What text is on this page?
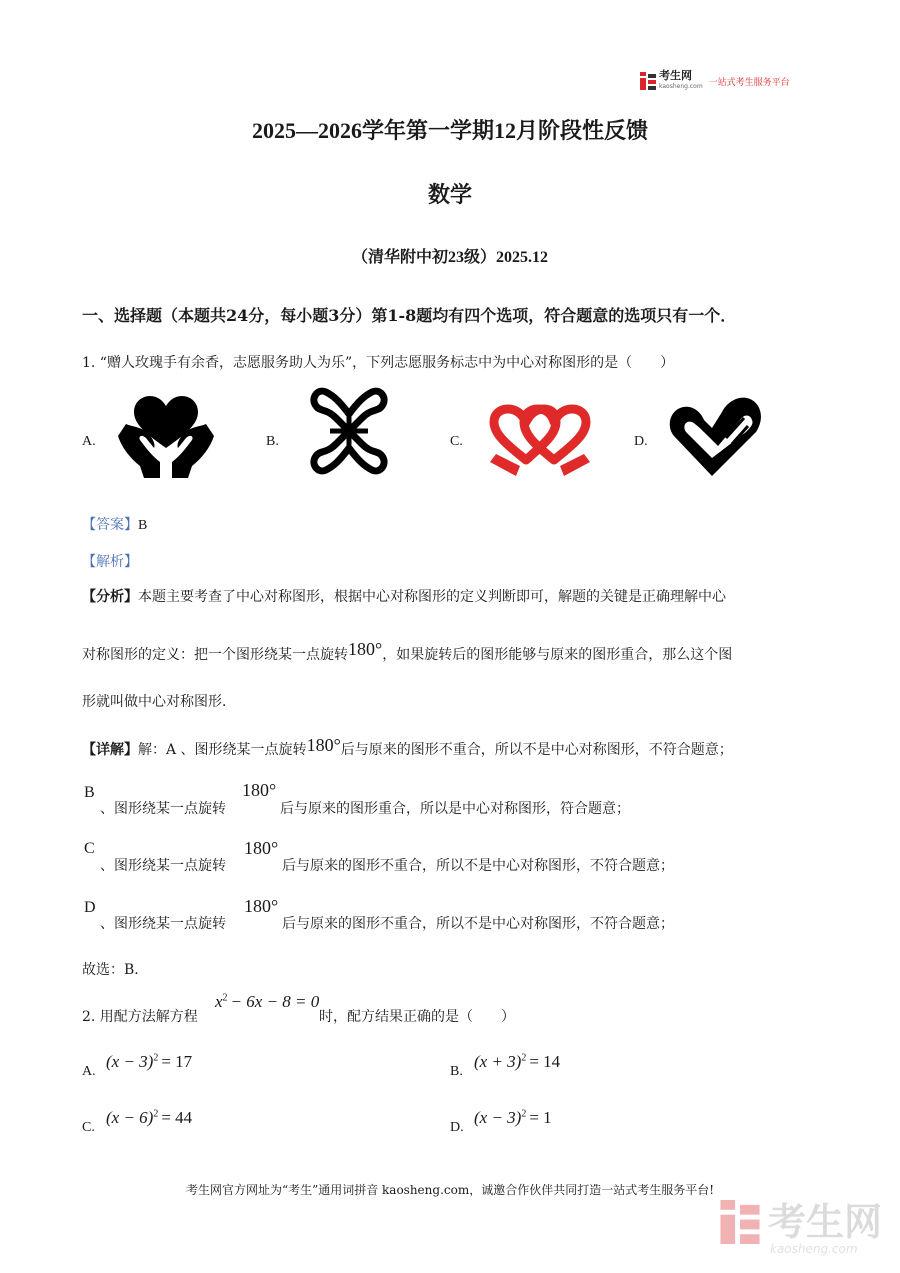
考生网
kaosheng.com 一站式考生服务平台
2025—2026学年第一学期12月阶段性反馈
数学
（清华附中初23级）2025.12
一、选择题（本题共24分，每小题3分）第1-8题均有四个选项，符合题意的选项只有一个．
1. “赠人玫瑰手有余香，志愿服务助人为乐”，下列志愿服务标志中为中心对称图形的是（　　）
A.	B.	C.	D.
【答案】B
【解析】
【分析】本题主要考查了中心对称图形，根据中心对称图形的定义判断即可，解题的关键是正确理解中心
对称图形的定义：把一个图形绕某一点旋转180°，如果旋转后的图形能够与原来的图形重合，那么这个图
形就叫做中心对称图形．
【详解】解：A 、图形绕某一点旋转180°后与原来的图形不重合，所以不是中心对称图形，不符合题意；
B	180°
、图形绕某一点旋转	后与原来的图形重合，所以是中心对称图形，符合题意；
C	180°
、图形绕某一点旋转	后与原来的图形不重合，所以不是中心对称图形，不符合题意；
D	180°
、图形绕某一点旋转	后与原来的图形不重合，所以不是中心对称图形，不符合题意；
故选：B．
2. 用配方法解方程
$x^2 - 6x - 8 = 0$
时，配方结果正确的是（　　）
A.
$(x - 3)^2 = 17$
B.
$(x + 3)^2 = 14$
C.
$(x - 6)^2 = 44$
D.
$(x - 3)^2 = 1$
考生网官方网址为“考生”通用词拼音 kaosheng.com，诚邀合作伙伴共同打造一站式考生服务平台!
考生网
kaosheng.com
